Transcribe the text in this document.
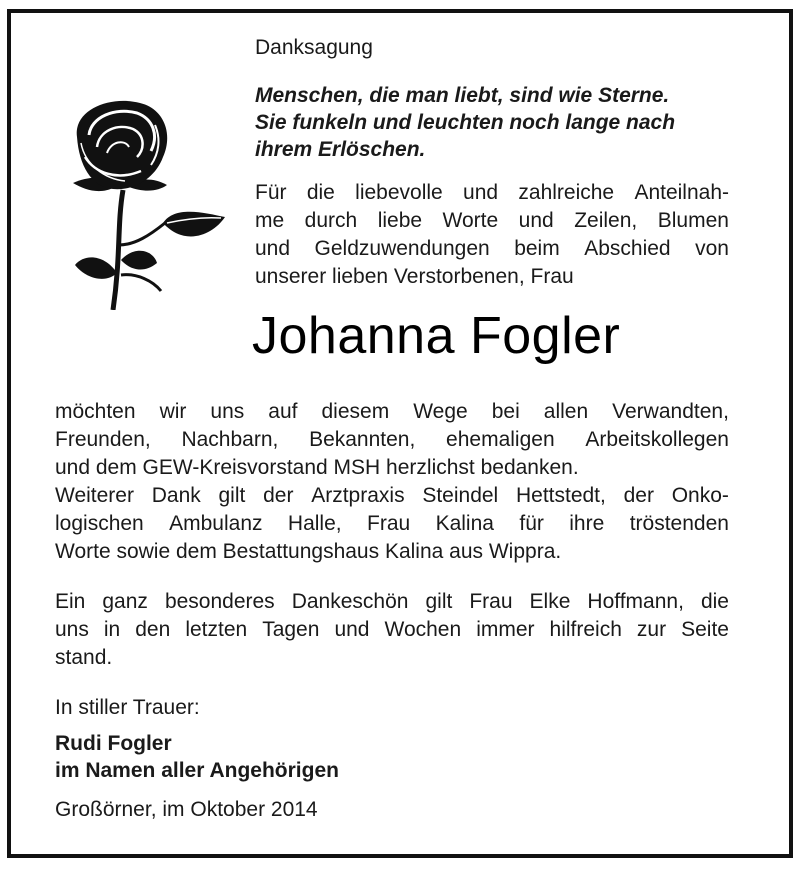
Danksagung
Menschen, die man liebt, sind wie Sterne.
Sie funkeln und leuchten noch lange nach
ihrem Erlöschen.
Für die liebevolle und zahlreiche Anteilnah-
me durch liebe Worte und Zeilen, Blumen
und Geldzuwendungen beim Abschied von
unserer lieben Verstorbenen, Frau
Johanna Fogler
möchten wir uns auf diesem Wege bei allen Verwandten,
Freunden, Nachbarn, Bekannten, ehemaligen Arbeitskollegen
und dem GEW-Kreisvorstand MSH herzlichst bedanken.
Weiterer Dank gilt der Arztpraxis Steindel Hettstedt, der Onko-
logischen Ambulanz Halle, Frau Kalina für ihre tröstenden
Worte sowie dem Bestattungshaus Kalina aus Wippra.
Ein ganz besonderes Dankeschön gilt Frau Elke Hoffmann, die
uns in den letzten Tagen und Wochen immer hilfreich zur Seite
stand.
In stiller Trauer:
Rudi Fogler
im Namen aller Angehörigen
Großörner, im Oktober 2014
